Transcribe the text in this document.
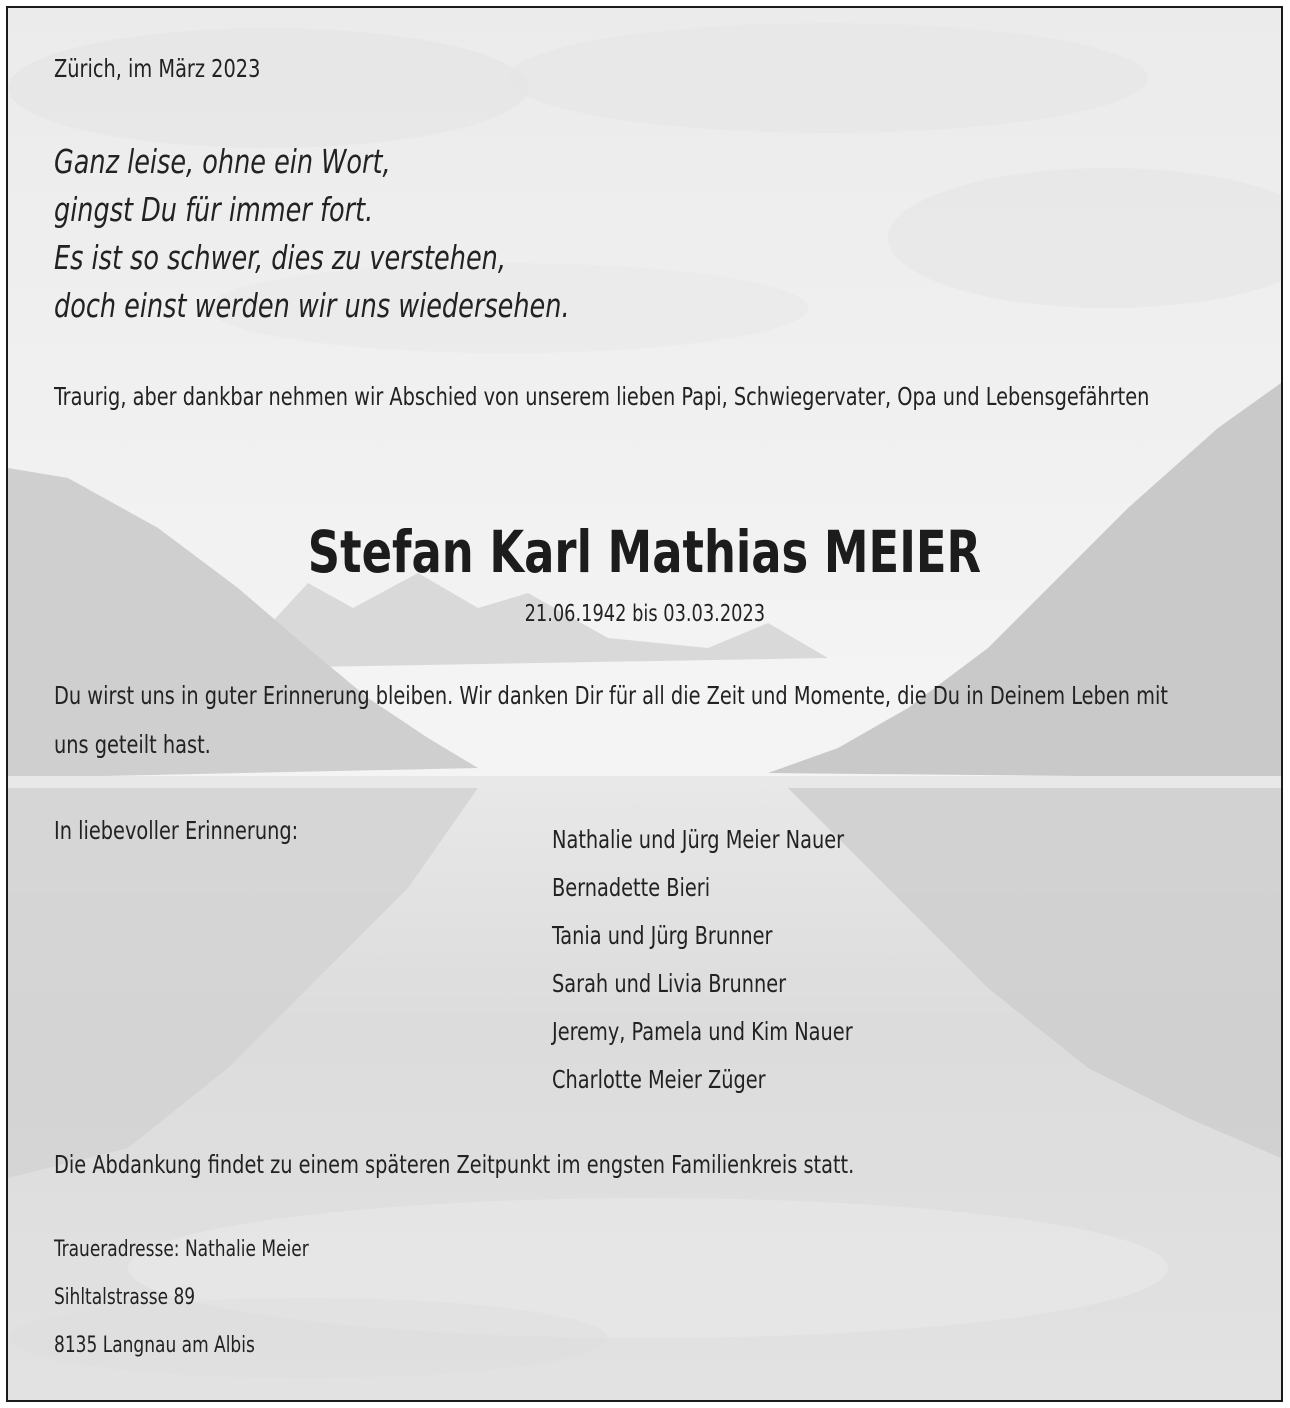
Zürich, im März 2023
Ganz leise, ohne ein Wort,
gingst Du für immer fort.
Es ist so schwer, dies zu verstehen,
doch einst werden wir uns wiedersehen.
Traurig, aber dankbar nehmen wir Abschied von unserem lieben Papi, Schwiegervater, Opa und Lebensgefährten
Stefan Karl Mathias MEIER
21.06.1942 bis 03.03.2023
Du wirst uns in guter Erinnerung bleiben. Wir danken Dir für all die Zeit und Momente, die Du in Deinem Leben mit uns geteilt hast.
In liebevoller Erinnerung:	Nathalie und Jürg Meier Nauer
Bernadette Bieri
Tania und Jürg Brunner
Sarah und Livia Brunner
Jeremy, Pamela und Kim Nauer
Charlotte Meier Züger
Die Abdankung findet zu einem späteren Zeitpunkt im engsten Familienkreis statt.
Traueradresse: Nathalie Meier
Sihltalstrasse 89
8135 Langnau am Albis
